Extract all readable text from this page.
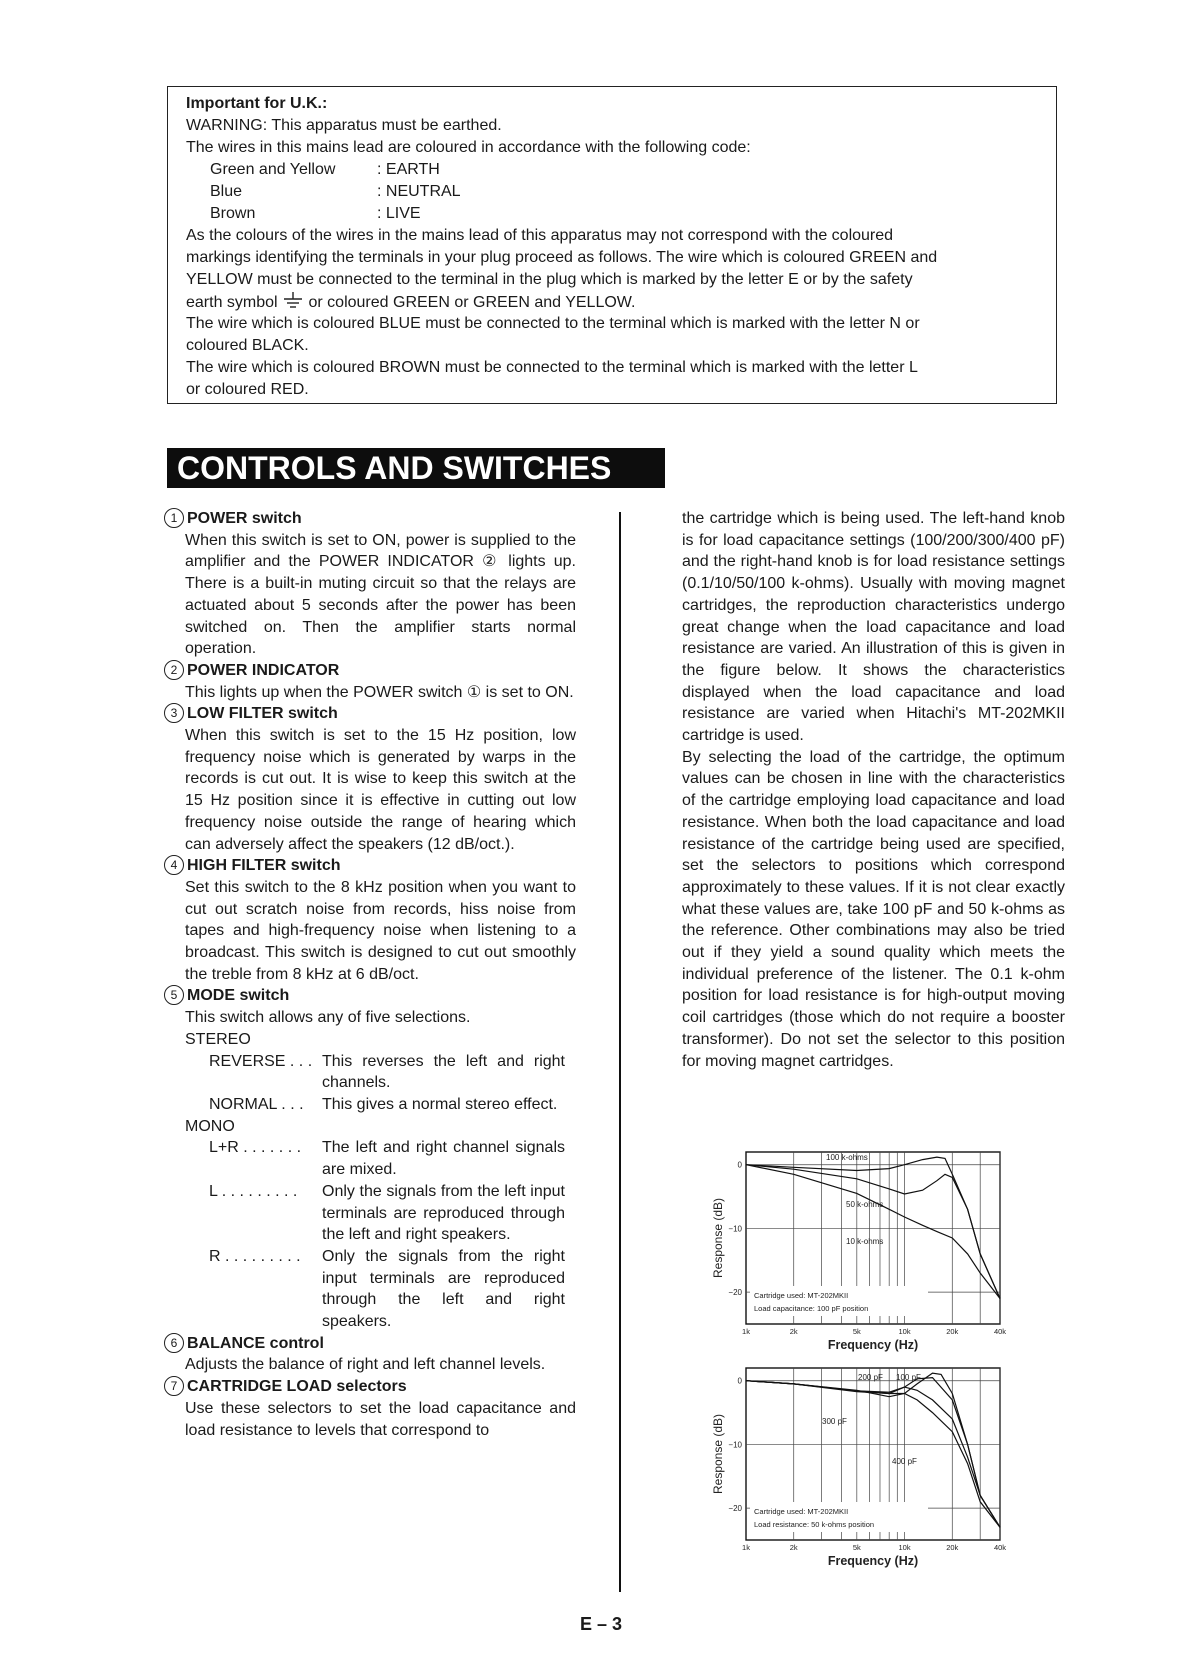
Important for U.K.:
WARNING: This apparatus must be earthed.
The wires in this mains lead are coloured in accordance with the following code:
Green and Yellow	: EARTH
Blue	: NEUTRAL
Brown	: LIVE
As the colours of the wires in the mains lead of this apparatus may not correspond with the coloured
markings identifying the terminals in your plug proceed as follows. The wire which is coloured GREEN and
YELLOW must be connected to the terminal in the plug which is marked by the letter E or by the safety
earth symbol or coloured GREEN or GREEN and YELLOW.
The wire which is coloured BLUE must be connected to the terminal which is marked with the letter N or
coloured BLACK.
The wire which is coloured BROWN must be connected to the terminal which is marked with the letter L
or coloured RED.
CONTROLS AND SWITCHES
1 POWER switch
When this switch is set to ON, power is supplied to the amplifier and the POWER INDICATOR ② lights up. There is a built-in muting circuit so that the relays are actuated about 5 seconds after the power has been switched on. Then the amplifier starts normal operation.
2 POWER INDICATOR
This lights up when the POWER switch ① is set to ON.
3 LOW FILTER switch
When this switch is set to the 15 Hz position, low frequency noise which is generated by warps in the records is cut out. It is wise to keep this switch at the 15 Hz position since it is effective in cutting out low frequency noise outside the range of hearing which can adversely affect the speakers (12 dB/oct.).
4 HIGH FILTER switch
Set this switch to the 8 kHz position when you want to cut out scratch noise from records, hiss noise from tapes and high-frequency noise when listening to a broadcast. This switch is designed to cut out smoothly the treble from 8 kHz at 6 dB/oct.
5 MODE switch
This switch allows any of five selections.
STEREO
REVERSE . . . This reverses the left and right channels.
NORMAL . . .	This gives a normal stereo effect.
MONO
L+R . . . . . . .	The left and right channel signals are mixed.
L . . . . . . . . .	Only the signals from the left input terminals are reproduced through the left and right speakers.
R . . . . . . . . .	Only the signals from the right input terminals are reproduced through the left and right speakers.
6 BALANCE control
Adjusts the balance of right and left channel levels.
7 CARTRIDGE LOAD selectors
Use these selectors to set the load capacitance and load resistance to levels that correspond to
the cartridge which is being used. The left-hand knob is for load capacitance settings (100/200/300/400 pF) and the right-hand knob is for load resistance settings (0.1/10/50/100 k-ohms). Usually with moving magnet cartridges, the reproduction characteristics undergo great change when the load capacitance and load resistance are varied. An illustration of this is given in the figure below. It shows the characteristics displayed when the load capacitance and load resistance are varied when Hitachi's MT-202MKII cartridge is used.
By selecting the load of the cartridge, the optimum values can be chosen in line with the characteristics of the cartridge employing load capacitance and load resistance. When both the load capacitance and load resistance of the cartridge being used are specified, set the selectors to positions which correspond approximately to these values. If it is not clear exactly what these values are, take 100 pF and 50 k-ohms as the reference. Other combinations may also be tried out if they yield a sound quality which meets the individual preference of the listener. The 0.1 k-ohm position for load resistance is for high-output moving coil cartridges (those which do not require a booster transformer). Do not set the selector to this position for moving magnet cartridges.
0
−10
−20
1k	2k	5k	10k	20k	40k
Frequency (Hz)
Response (dB)
100 k-ohms
50 k-ohms
10 k-ohms
Cartridge used: MT-202MKII
Load capacitance: 100 pF position
0
−10
−20
1k	2k	5k	10k	20k	40k
Frequency (Hz)
Response (dB)
200 pF 100 pF
300 pF
400 pF
Cartridge used: MT-202MKII
Load resistance: 50 k-ohms position
E – 3
